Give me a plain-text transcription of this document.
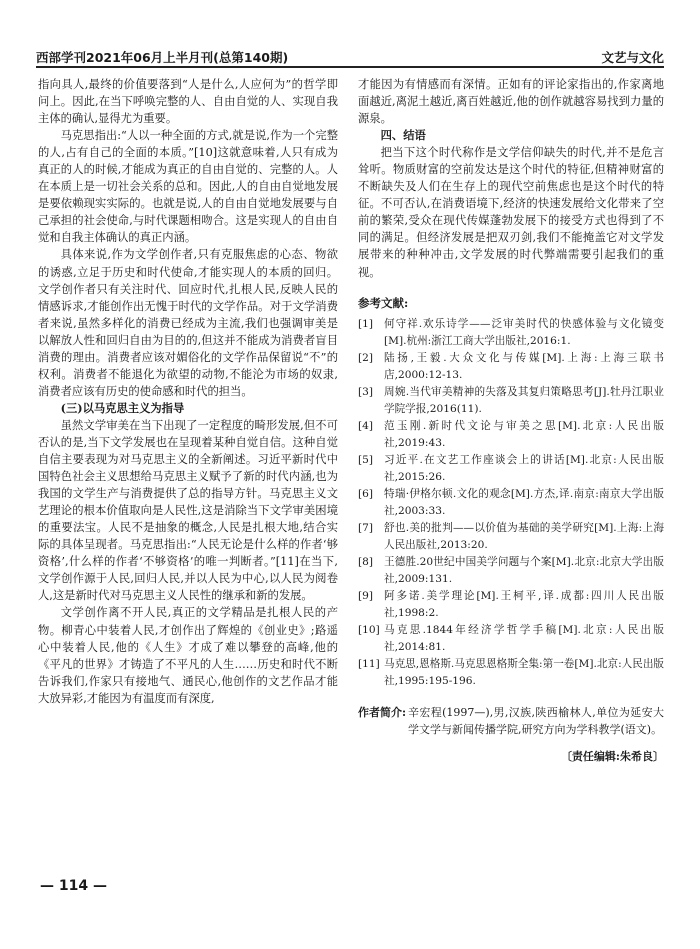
西部学刊2021年06月上半月刊(总第140期)	文艺与文化

指向具人,最终的价值要落到“人是什么,人应何为”的哲学即问上。因此,在当下呼唤完整的人、自由自觉的人、实现自我主体的确认,显得尤为重要。

马克思指出:“人以一种全面的方式,就是说,作为一个完整的人,占有自己的全面的本质。”[10]这就意味着,人只有成为真正的人的时候,才能成为真正的自由自觉的、完整的人。人在本质上是一切社会关系的总和。因此,人的自由自觉地发展是要依赖现实实际的。也就是说,人的自由自觉地发展要与自己承担的社会使命,与时代课题相吻合。这是实现人的自由自觉和自我主体确认的真正内涵。

具体来说,作为文学创作者,只有克服焦虑的心态、物欲的诱惑,立足于历史和时代使命,才能实现人的本质的回归。文学创作者只有关注时代、回应时代,扎根人民,反映人民的情感诉求,才能创作出无愧于时代的文学作品。对于文学消费者来说,虽然多样化的消费已经成为主流,我们也强调审美是以解放人性和回归自由为目的的,但这并不能成为消费者盲目消费的理由。消费者应该对媚俗化的文学作品保留说“不”的权利。消费者不能退化为欲望的动物,不能沦为市场的奴隶,消费者应该有历史的使命感和时代的担当。

(三)以马克思主义为指导

虽然文学审美在当下出现了一定程度的畸形发展,但不可否认的是,当下文学发展也在呈现着某种自觉自信。这种自觉自信主要表现为对马克思主义的全新阐述。习近平新时代中国特色社会主义思想给马克思主义赋予了新的时代内涵,也为我国的文学生产与消费提供了总的指导方针。马克思主义文艺理论的根本价值取向是人民性,这是消除当下文学审美困境的重要法宝。人民不是抽象的概念,人民是扎根大地,结合实际的具体呈现者。马克思指出:“人民无论是什么样的作者‘够资格’,什么样的作者‘不够资格’的唯一判断者。”[11]在当下,文学创作源于人民,回归人民,并以人民为中心,以人民为阅卷人,这是新时代对马克思主义人民性的继承和新的发展。

文学创作离不开人民,真正的文学精品是扎根人民的产物。柳青心中装着人民,才创作出了辉煌的《创业史》;路遥心中装着人民,他的《人生》才成了难以攀登的高峰,他的《平凡的世界》才铸造了不平凡的人生……历史和时代不断告诉我们,作家只有接地气、通民心,他创作的文艺作品才能大放异彩,才能因为有温度而有深度,

才能因为有情感而有深情。正如有的评论家指出的,作家离地面越近,离泥土越近,离百姓越近,他的创作就越容易找到力量的源泉。

四、结语

把当下这个时代称作是文学信仰缺失的时代,并不是危言耸听。物质财富的空前发达是这个时代的特征,但精神财富的不断缺失及人们在生存上的现代空前焦虑也是这个时代的特征。不可否认,在消费语境下,经济的快速发展给文化带来了空前的繁荣,受众在现代传媒蓬勃发展下的接受方式也得到了不同的满足。但经济发展是把双刃剑,我们不能掩盖它对文学发展带来的种种冲击,文学发展的时代弊端需要引起我们的重视。

参考文献:
[1]	何守祥.欢乐诗学——泛审美时代的快感体验与文化镜变[M].杭州:浙江工商大学出版社,2016:1.
[2]	陆扬,王毅.大众文化与传媒[M].上海:上海三联书店,2000:12-13.
[3]	周婉.当代审美精神的失落及其复归策略思考[J].牡丹江职业学院学报,2016(11).
[4]	范玉刚.新时代文论与审美之思[M].北京:人民出版社,2019:43.
[5]	习近平.在文艺工作座谈会上的讲话[M].北京:人民出版社,2015:26.
[6]	特瑞·伊格尔顿.文化的观念[M].方杰,译.南京:南京大学出版社,2003:33.
[7]	舒也.美的批判——以价值为基础的美学研究[M].上海:上海人民出版社,2013:20.
[8]	王德胜.20世纪中国美学问题与个案[M].北京:北京大学出版社,2009:131.
[9]	阿多诺.美学理论[M].王柯平,译.成都:四川人民出版社,1998:2.
[10] 马克思.1844年经济学哲学手稿[M].北京:人民出版社,2014:81.
[11] 马克思,恩格斯.马克思恩格斯全集:第一卷[M].北京:人民出版社,1995:195-196.
作者简介: 辛宏程(1997—),男,汉族,陕西榆林人,单位为延安大学文学与新闻传播学院,研究方向为学科教学(语文)。
〔责任编辑:朱希良〕
— 114 —
